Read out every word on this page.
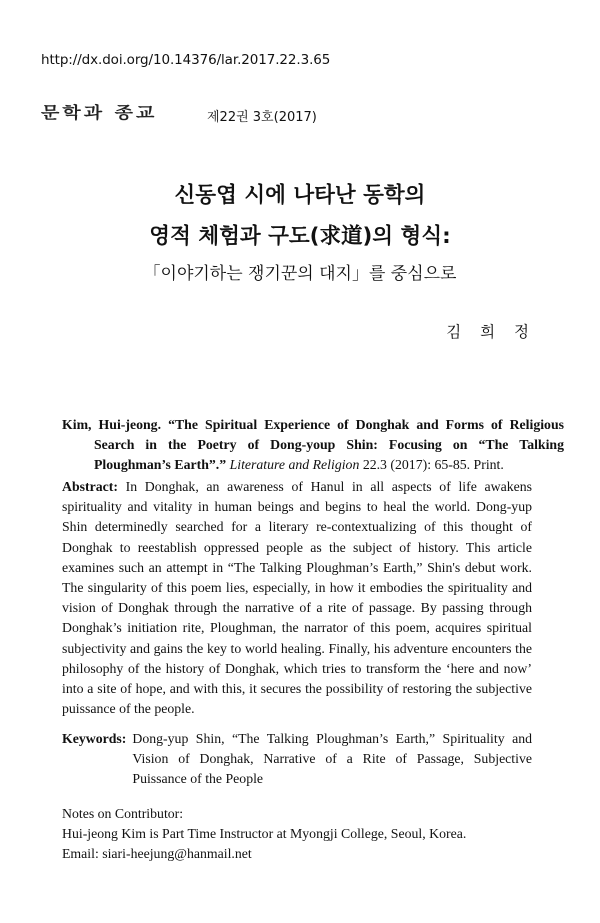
http://dx.doi.org/10.14376/lar.2017.22.3.65
문학과 종교	제22권 3호(2017)
신동엽 시에 나타난 동학의
영적 체험과 구도(求道)의 형식:
「이야기하는 쟁기꾼의 대지」를 중심으로
김 희 정
Kim, Hui-jeong. “The Spiritual Experience of Donghak and Forms of Religious Search in the Poetry of Dong-youp Shin: Focusing on “The Talking Ploughman’s Earth”.” Literature and Religion 22.3 (2017): 65-85. Print.
Abstract: In Donghak, an awareness of Hanul in all aspects of life awakens spirituality and vitality in human beings and begins to heal the world. Dong-yup Shin determinedly searched for a literary re-contextualizing of this thought of Donghak to reestablish oppressed people as the subject of history. This article examines such an attempt in “The Talking Ploughman’s Earth,” Shin's debut work. The singularity of this poem lies, especially, in how it embodies the spirituality and vision of Donghak through the narrative of a rite of passage. By passing through Donghak’s initiation rite, Ploughman, the narrator of this poem, acquires spiritual subjectivity and gains the key to world healing. Finally, his adventure encounters the philosophy of the history of Donghak, which tries to transform the ‘here and now’ into a site of hope, and with this, it secures the possibility of restoring the subjective puissance of the people.
Keywords: Dong-yup Shin, “The Talking Ploughman’s Earth,” Spirituality and Vision of Donghak, Narrative of a Rite of Passage, Subjective Puissance of the People
Notes on Contributor:
Hui-jeong Kim is Part Time Instructor at Myongji College, Seoul, Korea.
Email: siari-heejung@hanmail.net
